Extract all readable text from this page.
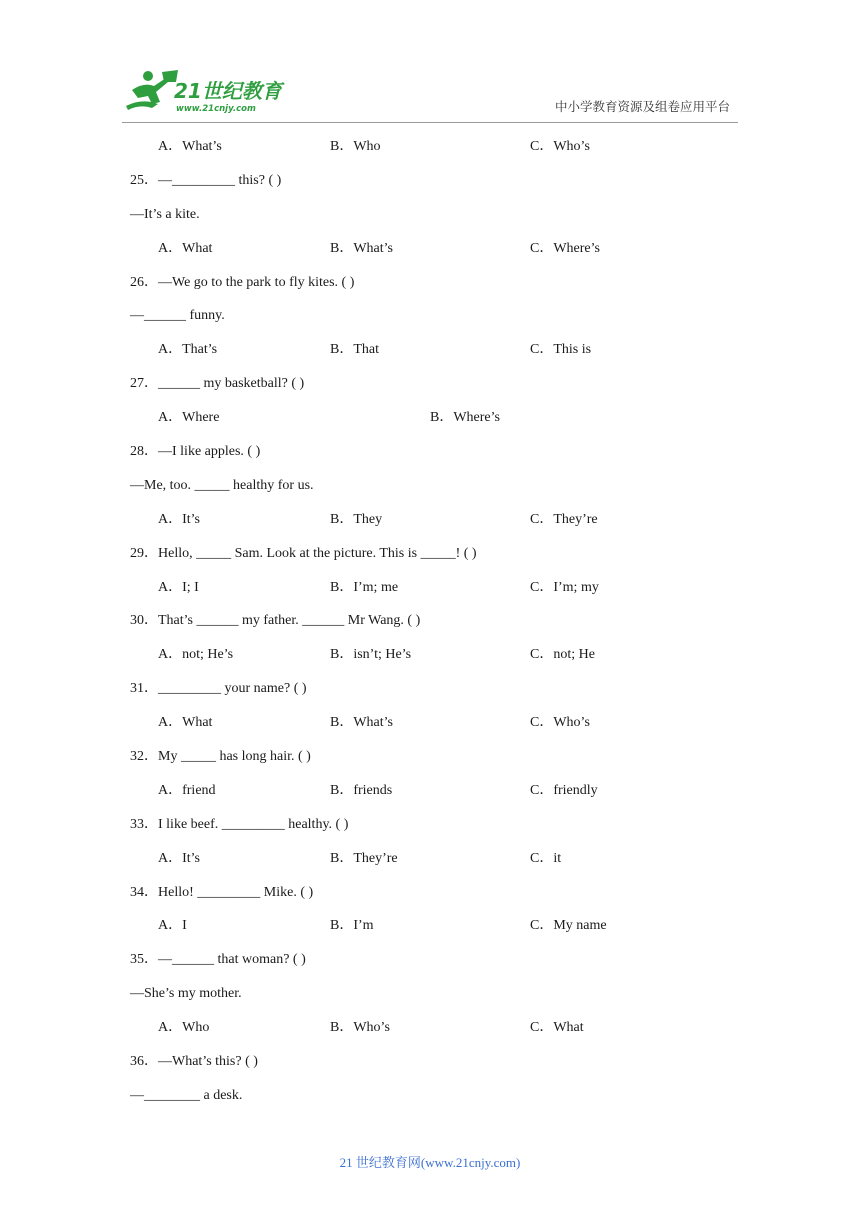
21世纪教育
www.21cnjy.com	中小学教育资源及组卷应用平台
A．What’s	B．Who	C．Who’s
25．—_________ this? ( )
—It’s a kite.
A．What	B．What’s	C．Where’s
26．—We go to the park to fly kites. ( )
—______ funny.
A．That’s	B．That	C．This is
27．______ my basketball? ( )
A．Where	B．Where’s
28．—I like apples. ( )
—Me, too. _____ healthy for us.
A．It’s	B．They	C．They’re
29．Hello, _____ Sam. Look at the picture. This is _____! ( )
A．I; I	B．I’m; me	C．I’m; my
30．That’s ______ my father. ______ Mr Wang. ( )
A．not; He’s	B．isn’t; He’s	C．not; He
31．_________ your name? ( )
A．What	B．What’s	C．Who’s
32．My _____ has long hair. ( )
A．friend	B．friends	C．friendly
33．I like beef. _________ healthy. ( )
A．It’s	B．They’re	C．it
34．Hello! _________ Mike. ( )
A．I	B．I’m	C．My name
35．—______ that woman? ( )
—She’s my mother.
A．Who	B．Who’s	C．What
36．—What’s this? ( )
—________ a desk.
21 世纪教育网(www.21cnjy.com)
